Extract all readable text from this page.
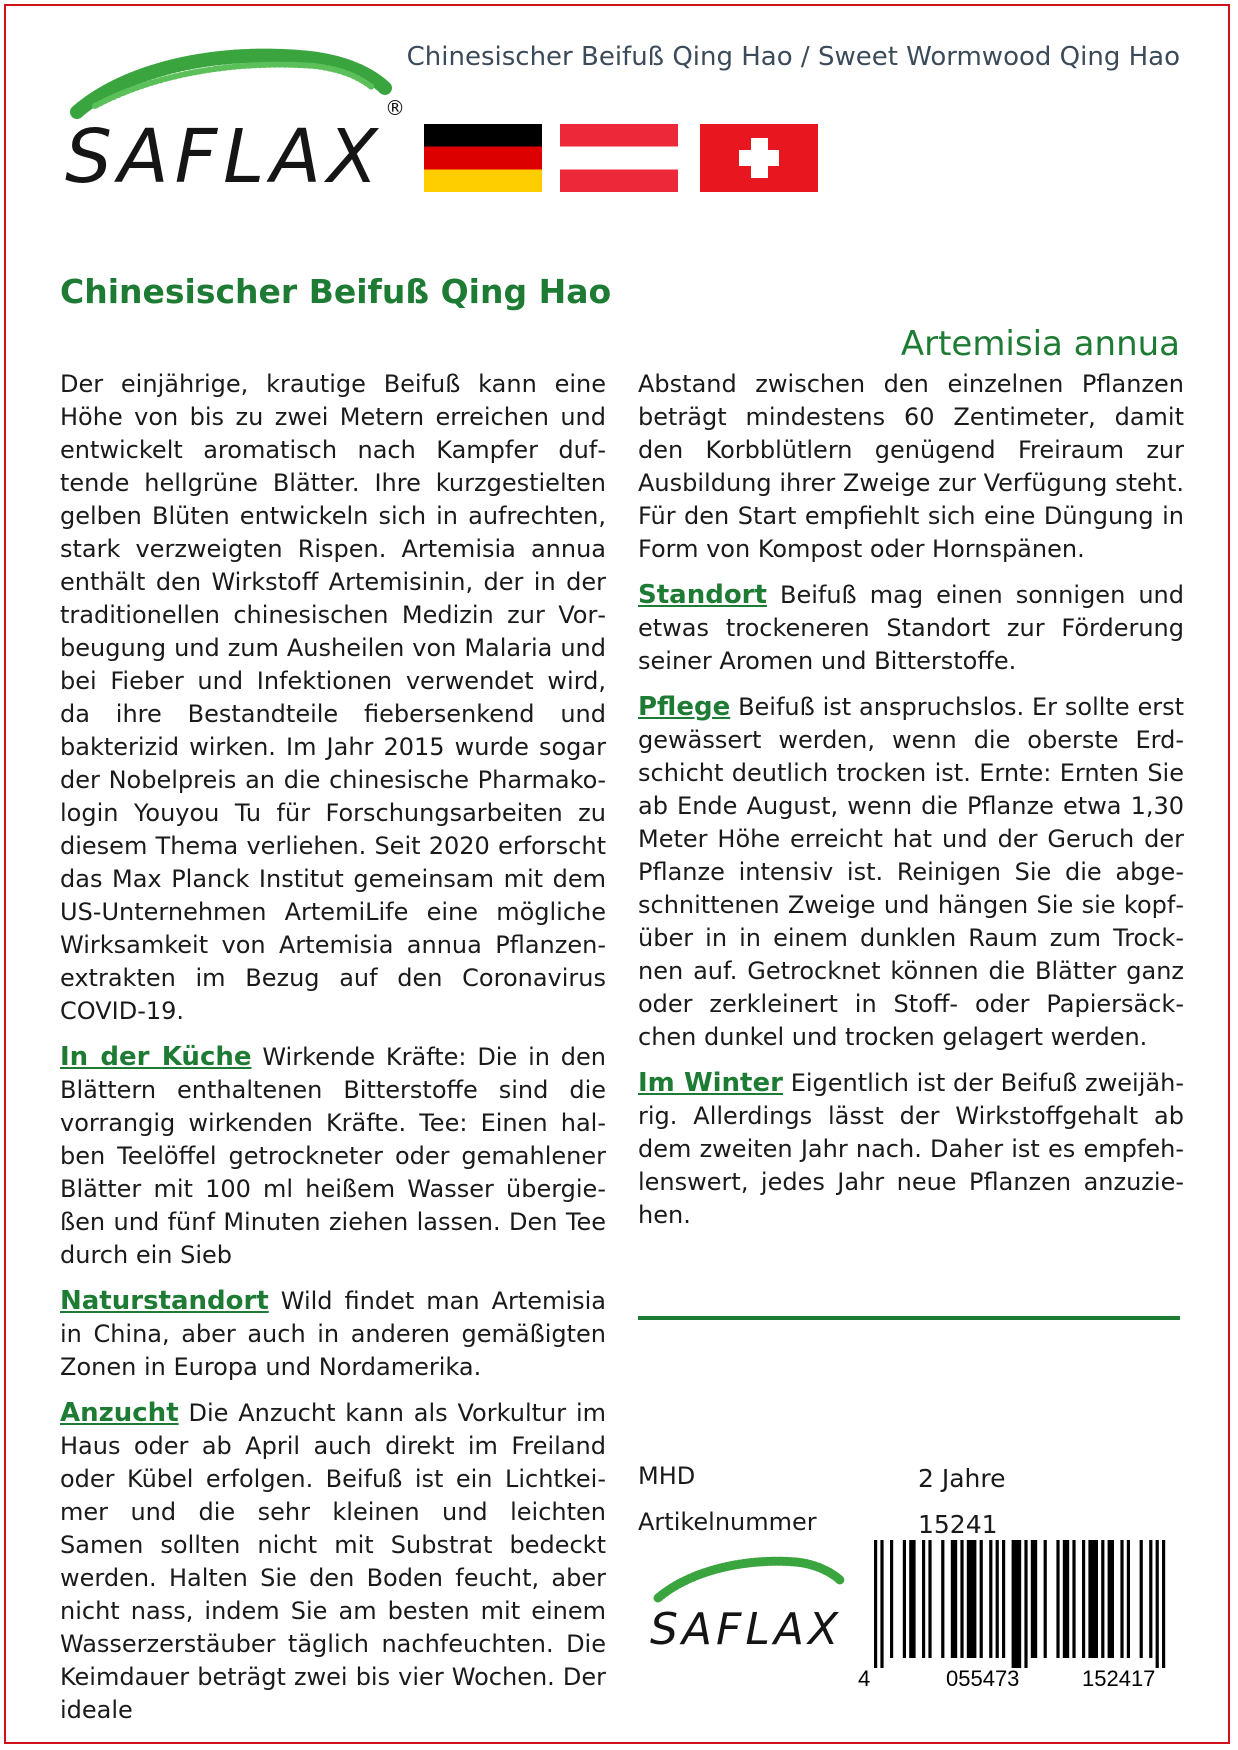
Chinesischer Beifuß Qing Hao / Sweet Wormwood Qing Hao
SAFLAX
®
Chinesischer Beifuß Qing Hao
Artemisia annua

Der einjährige, krautige Beifuß kann eine Höhe von bis zu zwei Metern erreichen und entwickelt aromatisch nach Kampfer duftende hellgrüne Blätter. Ihre kurzgestielten gelben Blüten entwickeln sich in aufrechten, stark verzweigten Rispen. Artemisia annua enthält den Wirkstoff Artemisinin, der in der traditionellen chinesischen Medizin zur Vorbeugung und zum Ausheilen von Malaria und bei Fieber und Infektionen verwendet wird, da ihre Bestandteile fiebersenkend und bakterizid wirken. Im Jahr 2015 wurde sogar der Nobelpreis an die chinesische Pharmakologin Youyou Tu für Forschungsarbeiten zu diesem Thema verliehen. Seit 2020 erforscht das Max Planck Institut gemeinsam mit dem US-Unternehmen ArtemiLife eine mögliche Wirksamkeit von Artemisia annua Pflanzenextrakten im Bezug auf den Coronavirus COVID-19.

In der Küche Wirkende Kräfte: Die in den Blättern enthaltenen Bitterstoffe sind die vorrangig wirkenden Kräfte. Tee: Einen halben Teelöffel getrockneter oder gemahlener Blätter mit 100 ml heißem Wasser übergießen und fünf Minuten ziehen lassen. Den Tee durch ein Sieb

Naturstandort Wild findet man Artemisia in China, aber auch in anderen gemäßigten Zonen in Europa und Nordamerika.

Anzucht Die Anzucht kann als Vorkultur im Haus oder ab April auch direkt im Freiland oder Kübel erfolgen. Beifuß ist ein Lichtkeimer und die sehr kleinen und leichten Samen sollten nicht mit Substrat bedeckt werden. Halten Sie den Boden feucht, aber nicht nass, indem Sie am besten mit einem Wasserzerstäuber täglich nachfeuchten. Die Keimdauer beträgt zwei bis vier Wochen. Der ideale

Abstand zwischen den einzelnen Pflanzen beträgt mindestens 60 Zentimeter, damit den Korbblütlern genügend Freiraum zur Ausbildung ihrer Zweige zur Verfügung steht. Für den Start empfiehlt sich eine Düngung in Form von Kompost oder Hornspänen.

Standort Beifuß mag einen sonnigen und etwas trockeneren Standort zur Förderung seiner Aromen und Bitterstoffe.

Pflege Beifuß ist anspruchslos. Er sollte erst gewässert werden, wenn die oberste Erdschicht deutlich trocken ist. Ernte: Ernten Sie ab Ende August, wenn die Pflanze etwa 1,30 Meter Höhe erreicht hat und der Geruch der Pflanze intensiv ist. Reinigen Sie die abgeschnittenen Zweige und hängen Sie sie kopfüber in in einem dunklen Raum zum Trocknen auf. Getrocknet können die Blätter ganz oder zerkleinert in Stoff- oder Papiersäckchen dunkel und trocken gelagert werden.

Im Winter Eigentlich ist der Beifuß zweijährig. Allerdings lässt der Wirkstoffgehalt ab dem zweiten Jahr nach. Daher ist es empfehlenswert, jedes Jahr neue Pflanzen anzuziehen.

MHD	2 Jahre
Artikelnummer	15241
SAFLAX
4	055473	152417
